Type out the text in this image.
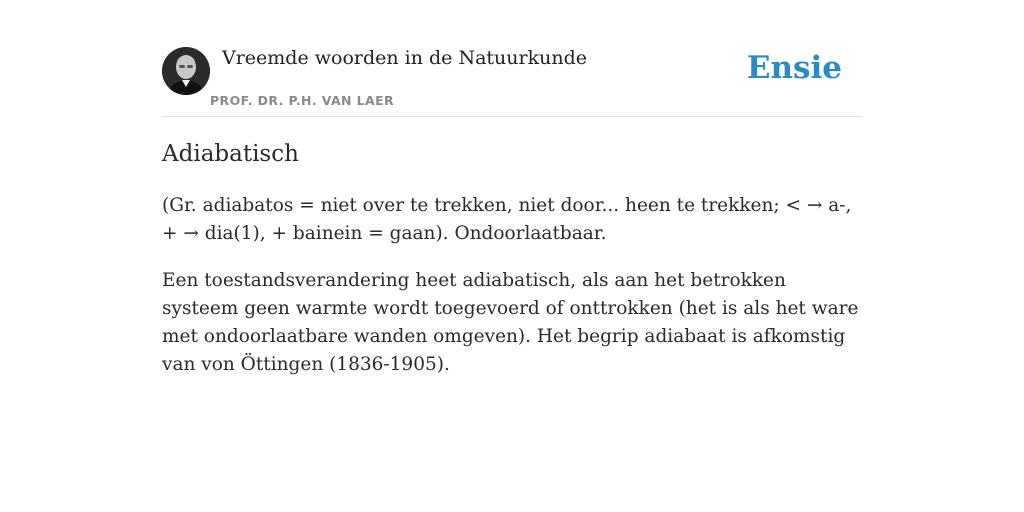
Vreemde woorden in de Natuurkunde
PROF. DR. P.H. VAN LAER
Ensie
Adiabatisch

(Gr. adiabatos = niet over te trekken, niet door... heen te trekken; < → a-, + → dia(1), + bainein = gaan). Ondoorlaatbaar.

Een toestandsverandering heet adiabatisch, als aan het betrokken systeem geen warmte wordt toegevoerd of onttrokken (het is als het ware met ondoorlaatbare wanden omgeven). Het begrip adiabaat is afkomstig van von Öttingen (1836-1905).
